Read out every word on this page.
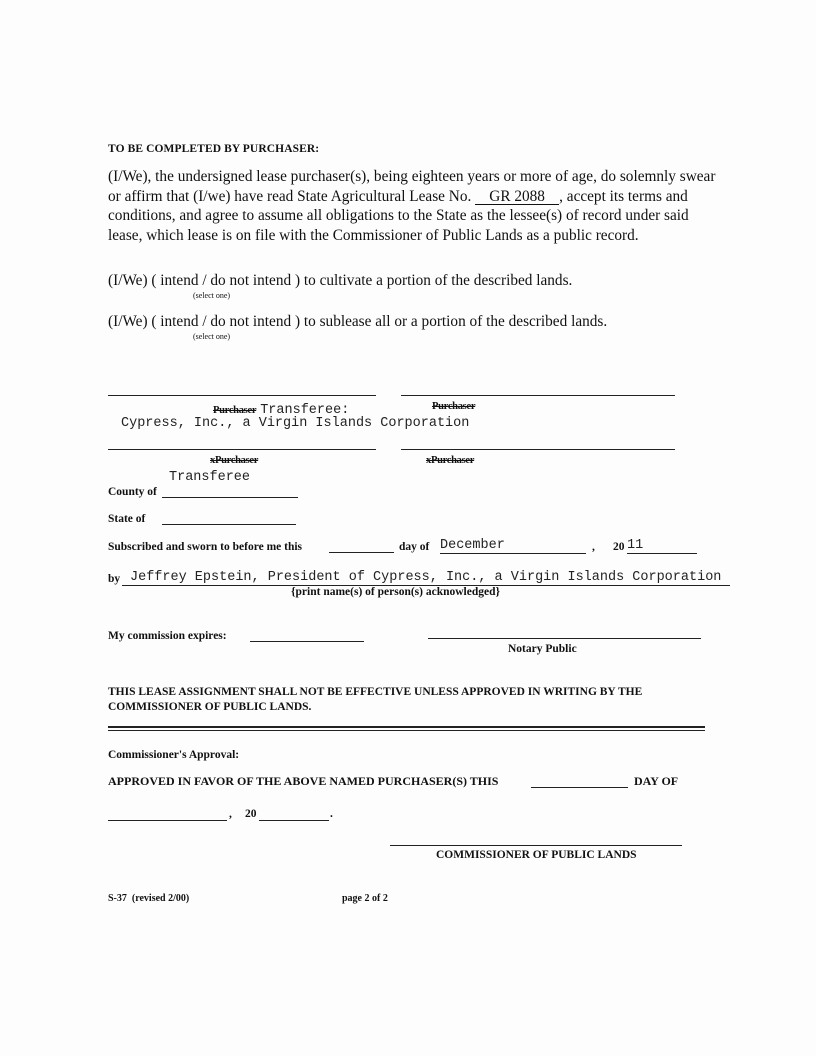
TO BE COMPLETED BY PURCHASER:
(I/We), the undersigned lease purchaser(s), being eighteen years or more of age, do solemnly swear or affirm that (I/we) have read State Agricultural Lease No. GR 2088 , accept its terms and conditions, and agree to assume all obligations to the State as the lessee(s) of record under said lease, which lease is on file with the Commissioner of Public Lands as a public record.
(I/We) ( intend / do not intend ) to cultivate a portion of the described lands.
(select one)
(I/We) ( intend / do not intend ) to sublease all or a portion of the described lands.
(select one)
Purchaser Transferee:	Purchaser
Cypress, Inc., a Virgin Islands Corporation
xPurchaser	xPurchaser
Transferee
County of
State of
Subscribed and sworn to before me this	day of December	, 20 11
by Jeffrey Epstein, President of Cypress, Inc., a Virgin Islands Corporation
{print name(s) of person(s) acknowledged}
My commission expires:
Notary Public
THIS LEASE ASSIGNMENT SHALL NOT BE EFFECTIVE UNLESS APPROVED IN WRITING BY THE COMMISSIONER OF PUBLIC LANDS.
Commissioner's Approval:
APPROVED IN FAVOR OF THE ABOVE NAMED PURCHASER(S) THIS	DAY OF
, 20	.
COMMISSIONER OF PUBLIC LANDS
S-37  (revised 2/00)	page 2 of 2
